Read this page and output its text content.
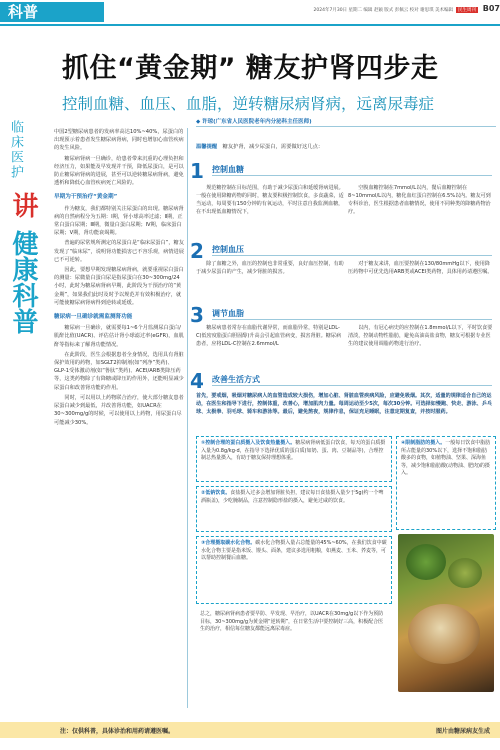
科普	2024年7月30日 星期二 编辑 赵颖 版式 彭佩云 校对 谢思琪 美术编辑 民生周刊 B07
抓住“黄金期” 糖友护肾四步走
控制血糖、血压、血脂，逆转糖尿病肾病，远离尿毒症
临床医护
讲
健康科普

中国2型糖尿病患者的发病率高达10%~40%，尿蛋白的出现预示着患者发生糖尿病肾病，同时也增加心血管疾病的发生风险。

糖尿病肾病一旦确诊，给患者带来沉重的心理负担和经济压力，如果能及早发现并干预，降低尿蛋白，是可以防止糖尿病肾病的进展，甚至可以逆转糖尿病肾病，避免透析和降低心血管疾病死亡风险的。

早期为干预治疗“黄金期”

作为糖友，我们都特别关注尿蛋白的出现。糖尿病肾病的自然病程分为五期：Ⅰ期，肾小球高率过滤；Ⅱ期，正常白蛋白尿期；Ⅲ期，微量白蛋白尿期；Ⅳ期，临床蛋白尿期；Ⅴ期，肾功能衰竭期。

普遍的尿常规所测定的尿蛋白是“临床尿蛋白”，糖友发现了“临床尿”，说明肾功能损害已不容乐观，病情进展已不可逆转。

因此，要想早期发现糖尿病肾病，就要重视尿白蛋白的测量：尿微量白蛋白尿是指尿蛋白在30~300mg/24小时，此时为糖尿病肾病早期，此阶段为干预治疗的“黄金期”，如果我们此时及时予以规范并有效积极治疗，就可能使糖尿病肾病得到逆转或延缓。

糖尿病一旦确诊就需监测肾功能

糖尿病一旦确诊，就需要每1~6个月监测尿白蛋白/肌酐比值(UACR)、评估估计肾小球滤过率(eGFR)，血肌酐等指标来了解肾功能情况。

在此阶段，医生会根据患者全身情况，选用具有肾脏保护效用的药物，如SGLT2抑制剂(如“列净”类药)、GLP-1受体激动剂(如“鲁肽”类药)、ACEI/ARB类降压药等，这类药物除了有降糖或降压的作用外，还能明显减少尿蛋白和改善肾功能的作用。

同时，可以用以上药物联合治疗，使大部分糖友患者尿蛋白减少到最低，并改善肾功能，如UACR在30~300mg/g的时候，可以使用以上药物，用尿蛋白尽可能减少30%。

◆ 许琼(广东省人民医院老年内分泌科主任医师)
温馨提醒　 糖友护肾，减少尿蛋白，需要做好这几点：
1 控制血糖

规范糖控制在目标范围，有助于减少尿蛋白和延缓肾病进展。一般在使用降糖药物的同时，糖友要积极控制饮食，多食蔬菜，适当运动，每周要有150分钟的有氧运动，平时注意自我监测血糖，在不出现低血糖情况下，

空腹血糖控制在7mmol/L以内，餐后血糖控制在8~10mmol/L以内，糖化血红蛋白控制在6.5%以内。糖友可到专科诊治，医生根据患者血糖情况，使用不同种类的降糖药物治疗。

2 控制血压

除了血糖之外，血压的控制也非常重要，良好血压控制，有助于减少尿蛋白的产生，减少肾脏的损害。

对于糖友来讲，血压要控制在130/80mmHg以下，使用降压药物中可优先选用ARB类或ACEI类药物，具体用药请遵医嘱。

3 调节血脂

糖尿病患者常存在血脂代谢异常，而血脂异常，特别是LDL-C(低密度脂蛋白胆固醇)升高会引起血管病变，损害肾脏。糖尿病患者，应将LDL-C控制在2.6mmol/L

以内，有冠心病史的应控制在1.8mmol/L以下，平时饮食要清淡，控制动物性脂肪，避免高油高盐食物，糖友可根据专业医生的建议使用调脂药物进行治疗。

4 改善生活方式

首先，要戒烟，吸烟对糖尿病人的血管造成较大损伤，增加心脏、肾脏血管疾病风险，应避免吸烟。其次，适量的规律适合自己的运动，在医生和指导下进行，控制体重，改善心，增加肌肉力量。每周运动至少5次，每次30分钟。可选择如慢跑、快走、游泳、乒乓球、太极拳、羽毛球、骑车和游泳等。最后，避免熬夜，规律作息，保证充足睡眠，注意定期复查，并按时服药。

①控制合理的蛋白质摄入及饮食热量摄入。糖尿病肾病低蛋白饮食，每天的蛋白质摄入量为0.8g/kg·d，在指导下选择优质的蛋白质(如奶、蛋、肉、豆制品等)，合理控制总热量摄入，有助于糖友保持理想体重。
②低钠饮食。食盐摄入过多会增加肾脏负担，建议每日食盐摄入量少于5g(约一个啤酒瓶盖)，少吃腌制品，注意控制隐形盐的摄入，避免过咸的饮食。
③合理摄取碳水化合物。碳水化合物摄入量占总能量的45%~60%，在我们饮食中碳水化合物主要是指米饭、馒头、面条，建议多选用粗粮，如燕麦、玉米、荞麦等，可以帮助控制餐后血糖。
④限制脂肪的摄入。一般每日饮食中脂肪所占能量的30%以下，选择不饱和脂肪酸多的食物，如植物油、坚果、深海鱼等，减少饱和脂肪酸(动物油、肥肉)的摄入。
总之，糖尿病肾病患者要早防、早发现、早治疗，以UACR在30mg/g以下作为预防目标，30~300mg/g为黄金期“逆转期”，在日常生活中要控制好三高，积极配合医生的治疗，相信每位糖友都能远离尿毒症。
注：仅供科普，具体诊治和用药请遵医嘱。	图片由糖尿病友生成
